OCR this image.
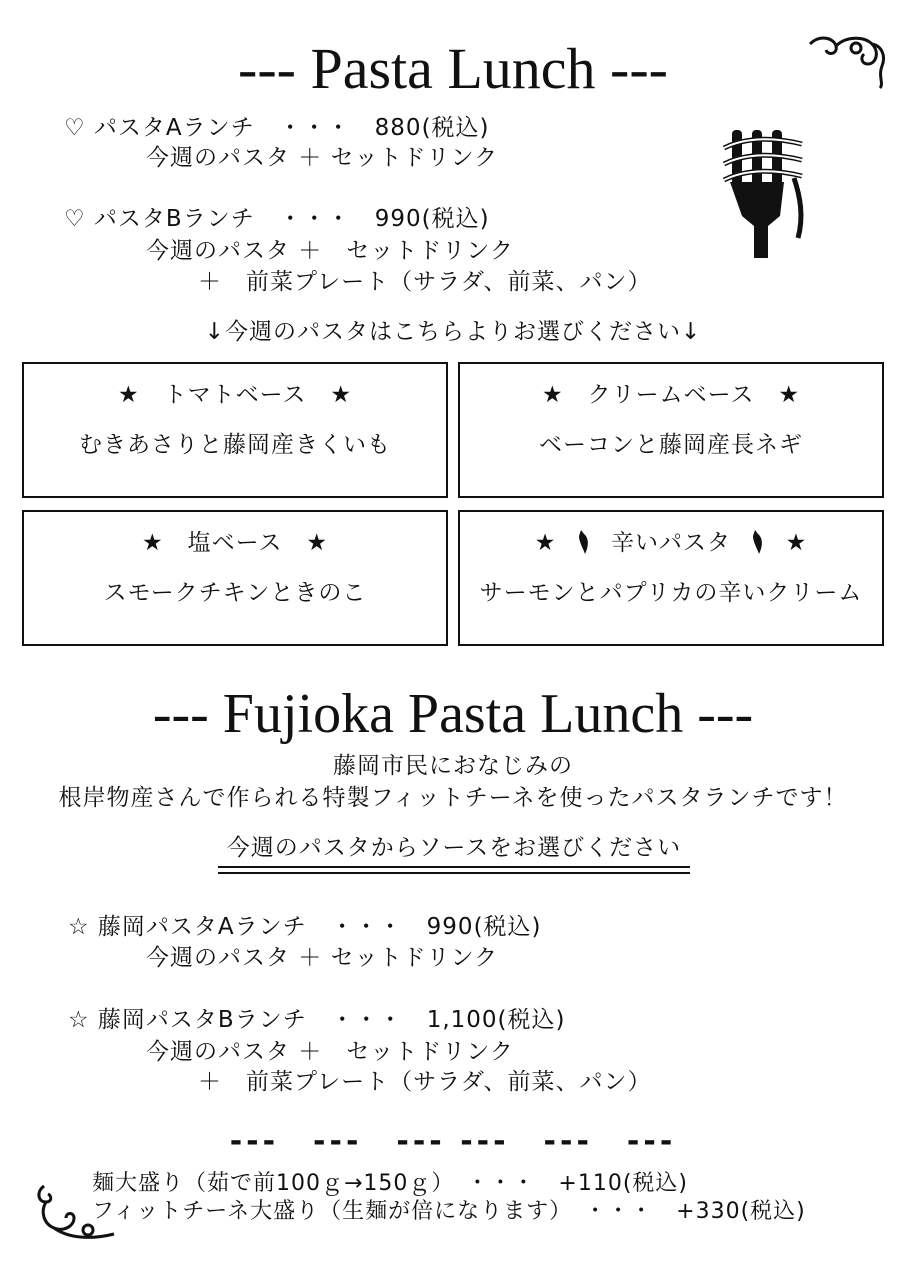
--- Pasta Lunch ---
♡ パスタAランチ　・・・　880(税込)
今週のパスタ ＋ セットドリンク
♡ パスタBランチ　・・・　990(税込)
今週のパスタ ＋　セットドリンク
＋　前菜プレート（サラダ、前菜、パン）
↓今週のパスタはこちらよりお選びください↓
★　トマトベース　★
むきあさりと藤岡産きくいも
★　クリームベース　★
ベーコンと藤岡産長ネギ
★　塩ベース　★
スモークチキンときのこ
★ 辛いパスタ ★
サーモンとパプリカの辛いクリーム
--- Fujioka Pasta Lunch ---
藤岡市民におなじみの
根岸物産さんで作られる特製フィットチーネを使ったパスタランチです！
今週のパスタからソースをお選びください
☆ 藤岡パスタAランチ　・・・　990(税込)
今週のパスタ ＋ セットドリンク
☆ 藤岡パスタBランチ　・・・　1,100(税込)
今週のパスタ ＋　セットドリンク
＋　前菜プレート（サラダ、前菜、パン）
---　---　--- ---　---　---
麺大盛り（茹で前100ｇ→150ｇ）　・・・　+110(税込)
フィットチーネ大盛り（生麺が倍になります）　・・・　+330(税込)
